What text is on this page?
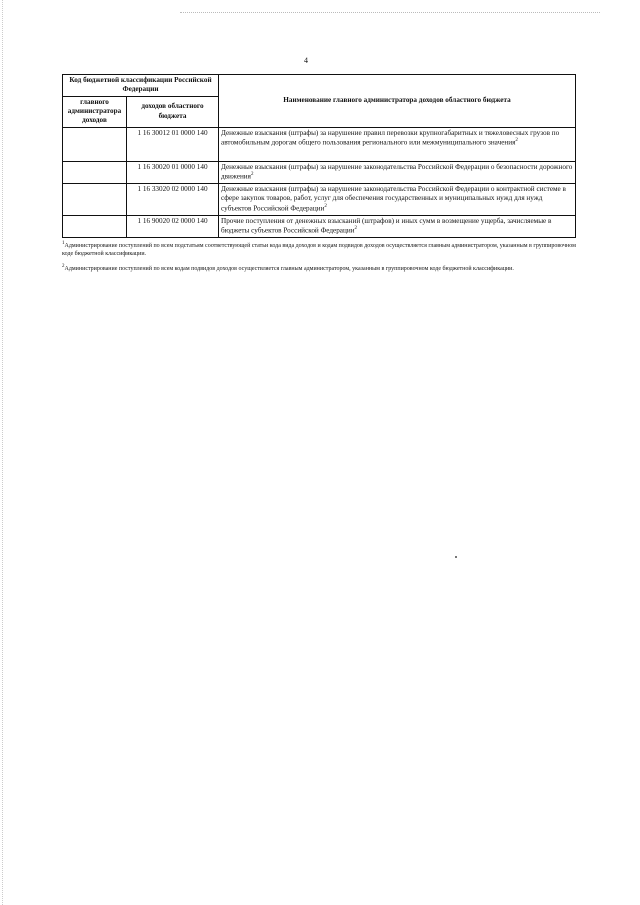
4
Код бюджетной классификации Российской Федерации		Наименование главного администратора доходов областного бюджета
главного администратора доходов	доходов областного бюджета	
	1 16 30012 01 0000 140	Денежные взыскания (штрафы) за нарушение правил перевозки крупногабаритных и тяжеловесных грузов по автомобильным дорогам общего пользования регионального или межмуниципального значения$^2$
	1 16 30020 01 0000 140	Денежные взыскания (штрафы) за нарушение законодательства Российской Федерации о безопасности дорожного движения$^2$
	1 16 33020 02 0000 140	Денежные взыскания (штрафы) за нарушение законодательства Российской Федерации о контрактной системе в сфере закупок товаров, работ, услуг для обеспечения государственных и муниципальных нужд для нужд субъектов Российской Федерации$^2$
	1 16 90020 02 0000 140	Прочие поступления от денежных взысканий (штрафов) и иных сумм в возмещение ущерба, зачисляемые в бюджеты субъектов Российской Федерации$^2$

$^1$Администрирование поступлений по всем подстатьям соответствующей статьи кода вида доходов и кодам подвидов доходов осуществляется главным администратором, указанным в группировочном коде бюджетной классификации.

$^2$Администрирование поступлений по всем кодам подвидов доходов осуществляется главным администратором, указанным в группировочном коде бюджетной классификации.
